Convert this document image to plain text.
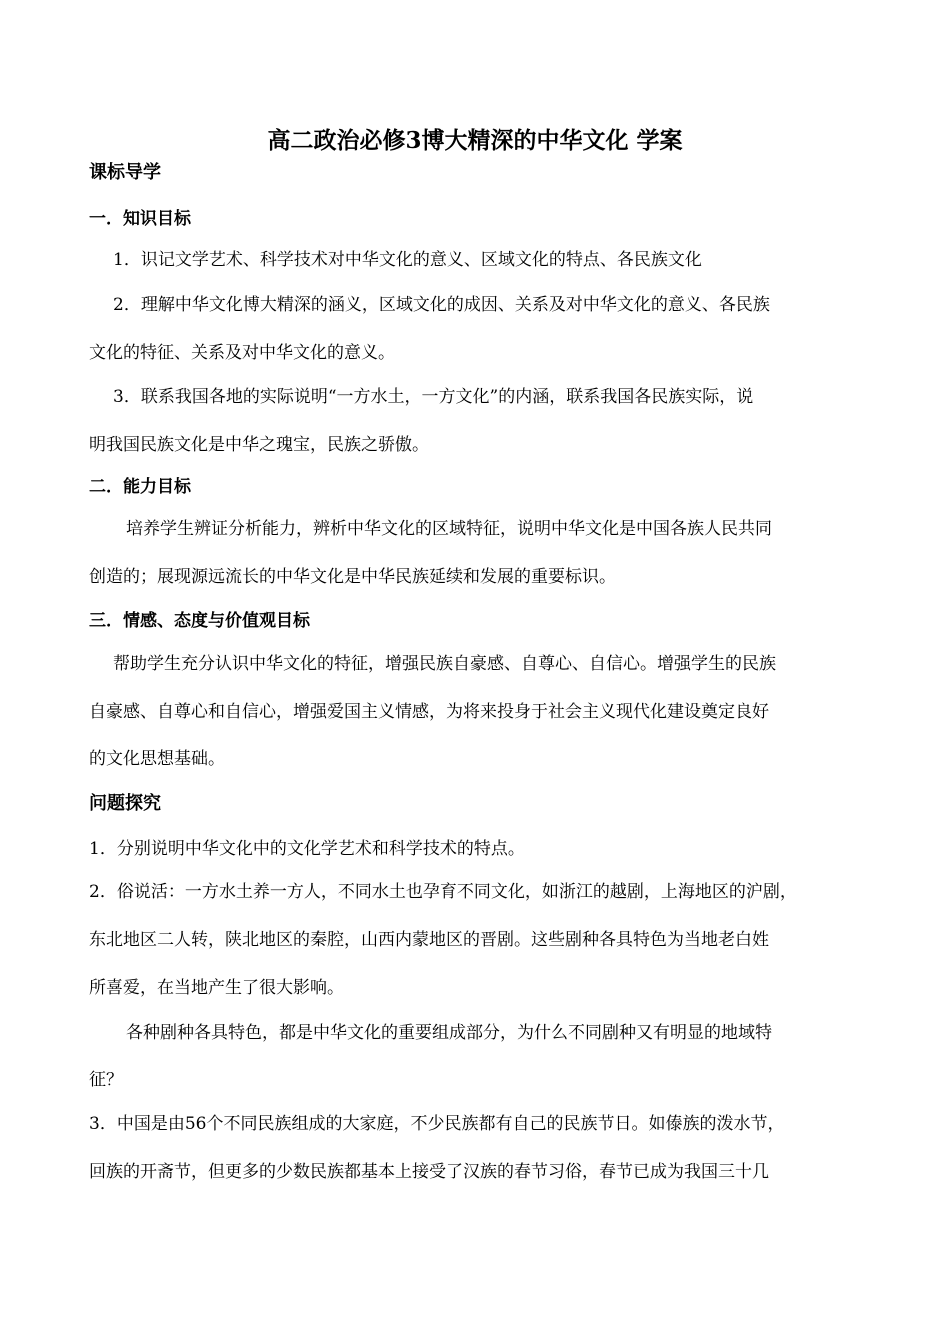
高二政治必修3博大精深的中华文化 学案
课标导学
一．知识目标
1．识记文学艺术、科学技术对中华文化的意义、区域文化的特点、各民族文化
2．理解中华文化博大精深的涵义，区域文化的成因、关系及对中华文化的意义、各民族
文化的特征、关系及对中华文化的意义。
3．联系我国各地的实际说明“一方水土，一方文化”的内涵，联系我国各民族实际，说
明我国民族文化是中华之瑰宝，民族之骄傲。
二．能力目标
培养学生辨证分析能力，辨析中华文化的区域特征，说明中华文化是中国各族人民共同
创造的；展现源远流长的中华文化是中华民族延续和发展的重要标识。
三．情感、态度与价值观目标
帮助学生充分认识中华文化的特征，增强民族自豪感、自尊心、自信心。增强学生的民族
自豪感、自尊心和自信心，增强爱国主义情感，为将来投身于社会主义现代化建设奠定良好
的文化思想基础。
问题探究
1．分别说明中华文化中的文化学艺术和科学技术的特点。
2．俗说活：一方水土养一方人，不同水土也孕育不同文化，如浙江的越剧，上海地区的沪剧，
东北地区二人转，陕北地区的秦腔，山西内蒙地区的晋剧。这些剧种各具特色为当地老白姓
所喜爱，在当地产生了很大影响。
各种剧种各具特色，都是中华文化的重要组成部分，为什么不同剧种又有明显的地域特
征？
3．中国是由56个不同民族组成的大家庭，不少民族都有自己的民族节日。如傣族的泼水节，
回族的开斋节，但更多的少数民族都基本上接受了汉族的春节习俗，春节已成为我国三十几
